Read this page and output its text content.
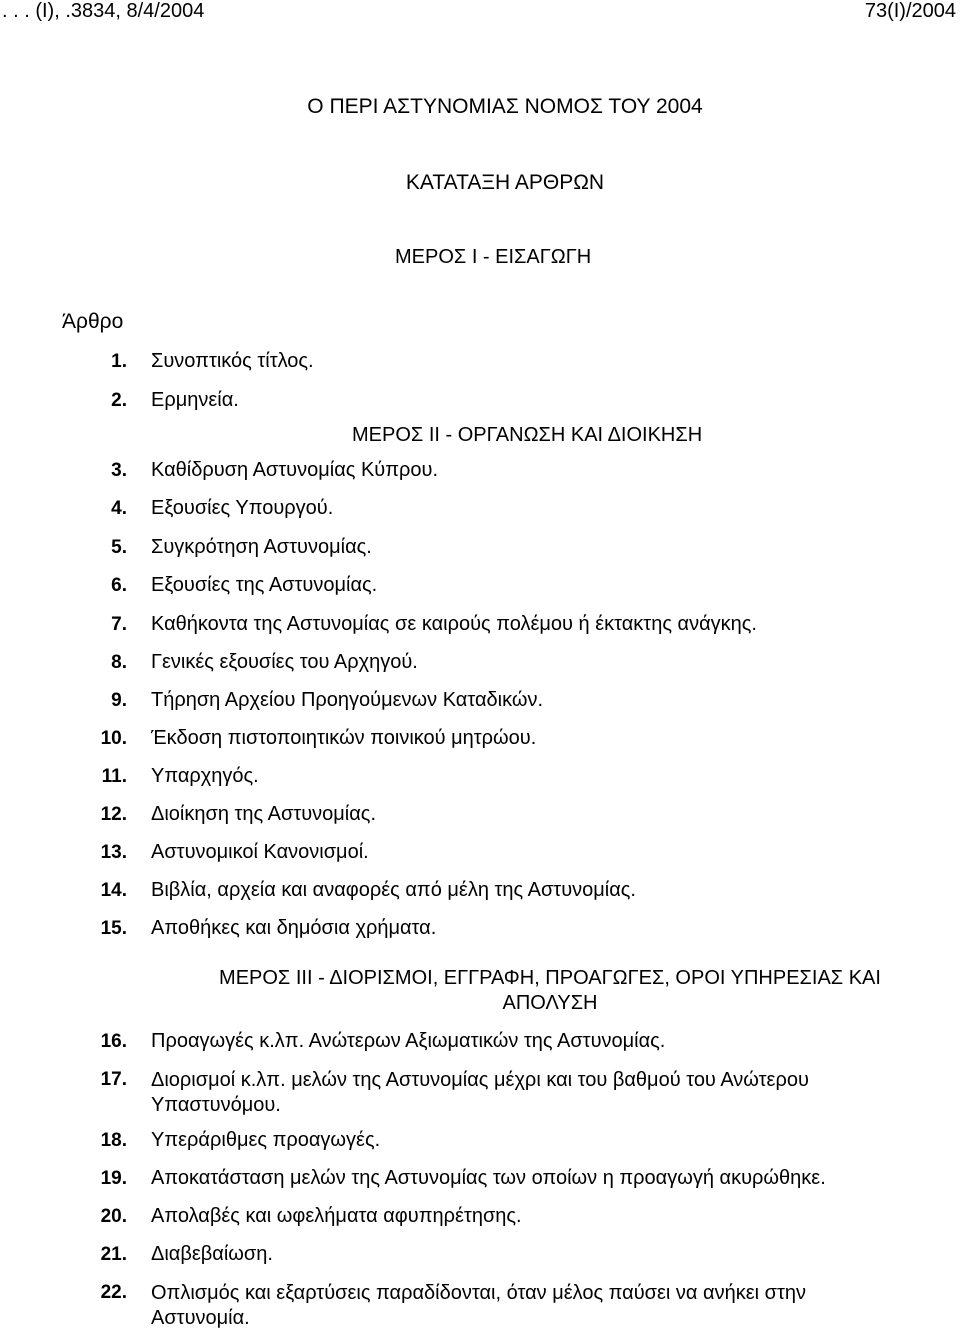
. . . (Ι), .3834, 8/4/2004	73(Ι)/2004
Ο ΠΕΡΙ ΑΣΤΥΝΟΜΙΑΣ ΝΟΜΟΣ ΤΟΥ 2004
ΚΑΤΑΤΑΞΗ ΑΡΘΡΩΝ
ΜΕΡΟΣ Ι - ΕΙΣΑΓΩΓΗ
Άρθρο
1. Συνοπτικός τίτλος.
2. Ερμηνεία.
ΜΕΡΟΣ ΙΙ - ΟΡΓΑΝΩΣΗ ΚΑΙ ΔΙΟΙΚΗΣΗ
3. Καθίδρυση Αστυνομίας Κύπρου.
4. Εξουσίες Υπουργού.
5. Συγκρότηση Αστυνομίας.
6. Εξουσίες της Αστυνομίας.
7. Καθήκοντα της Αστυνομίας σε καιρούς πολέμου ή έκτακτης ανάγκης.
8. Γενικές εξουσίες του Αρχηγού.
9. Τήρηση Αρχείου Προηγούμενων Καταδικών.
10. Έκδοση πιστοποιητικών ποινικού μητρώου.
11. Υπαρχηγός.
12. Διοίκηση της Αστυνομίας.
13. Αστυνομικοί Κανονισμοί.
14. Βιβλία, αρχεία και αναφορές από μέλη της Αστυνομίας.
15. Αποθήκες και δημόσια χρήματα.
ΜΕΡΟΣ ΙΙΙ - ΔΙΟΡΙΣΜΟΙ, ΕΓΓΡΑΦΗ, ΠΡΟΑΓΩΓΕΣ, ΟΡΟΙ ΥΠΗΡΕΣΙΑΣ ΚΑΙ ΑΠΟΛΥΣΗ
16. Προαγωγές κ.λπ. Ανώτερων Αξιωματικών της Αστυνομίας.
17. Διορισμοί κ.λπ. μελών της Αστυνομίας μέχρι και του βαθμού του Ανώτερου Υπαστυνόμου.
18. Υπεράριθμες προαγωγές.
19. Αποκατάσταση μελών της Αστυνομίας των οποίων η προαγωγή ακυρώθηκε.
20. Απολαβές και ωφελήματα αφυπηρέτησης.
21. Διαβεβαίωση.
22. Οπλισμός και εξαρτύσεις παραδίδονται, όταν μέλος παύσει να ανήκει στην Αστυνομία.
